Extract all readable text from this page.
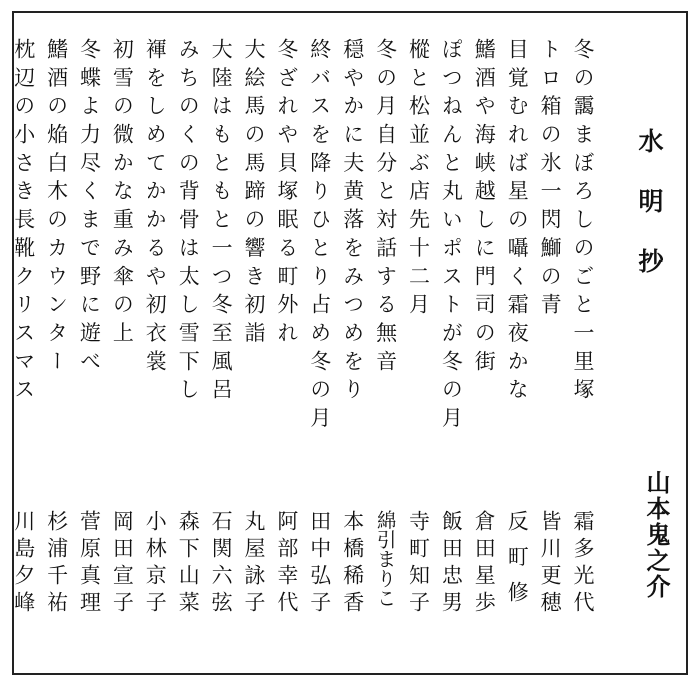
水明抄
山本鬼之介
冬の靄まぼろしのごと一里塚
霜多光代
トロ箱の氷一閃鰤の青
皆川更穂
目覚むれば星の囁く霜夜かな
反町修
鰭酒や海峡越しに門司の街
倉田星歩
ぽつねんと丸いポストが冬の月
飯田忠男
樅と松並ぶ店先十二月
寺町知子
冬の月自分と対話する無音
綿引まりこ
穏やかに夫黄落をみつめをり
本橋稀香
終バスを降りひとり占め冬の月
田中弘子
冬ざれや貝塚眠る町外れ
阿部幸代
大絵馬の馬蹄の響き初詣
丸屋詠子
大陸はもともと一つ冬至風呂
石関六弦
みちのくの背骨は太し雪下し
森下山菜
褌をしめてかかるや初衣裳
小林京子
初雪の微かな重み傘の上
岡田宣子
冬蝶よ力尽くまで野に遊べ
菅原真理
鰭酒の焔白木のカウンター
杉浦千祐
枕辺の小さき長靴クリスマス
川島夕峰
